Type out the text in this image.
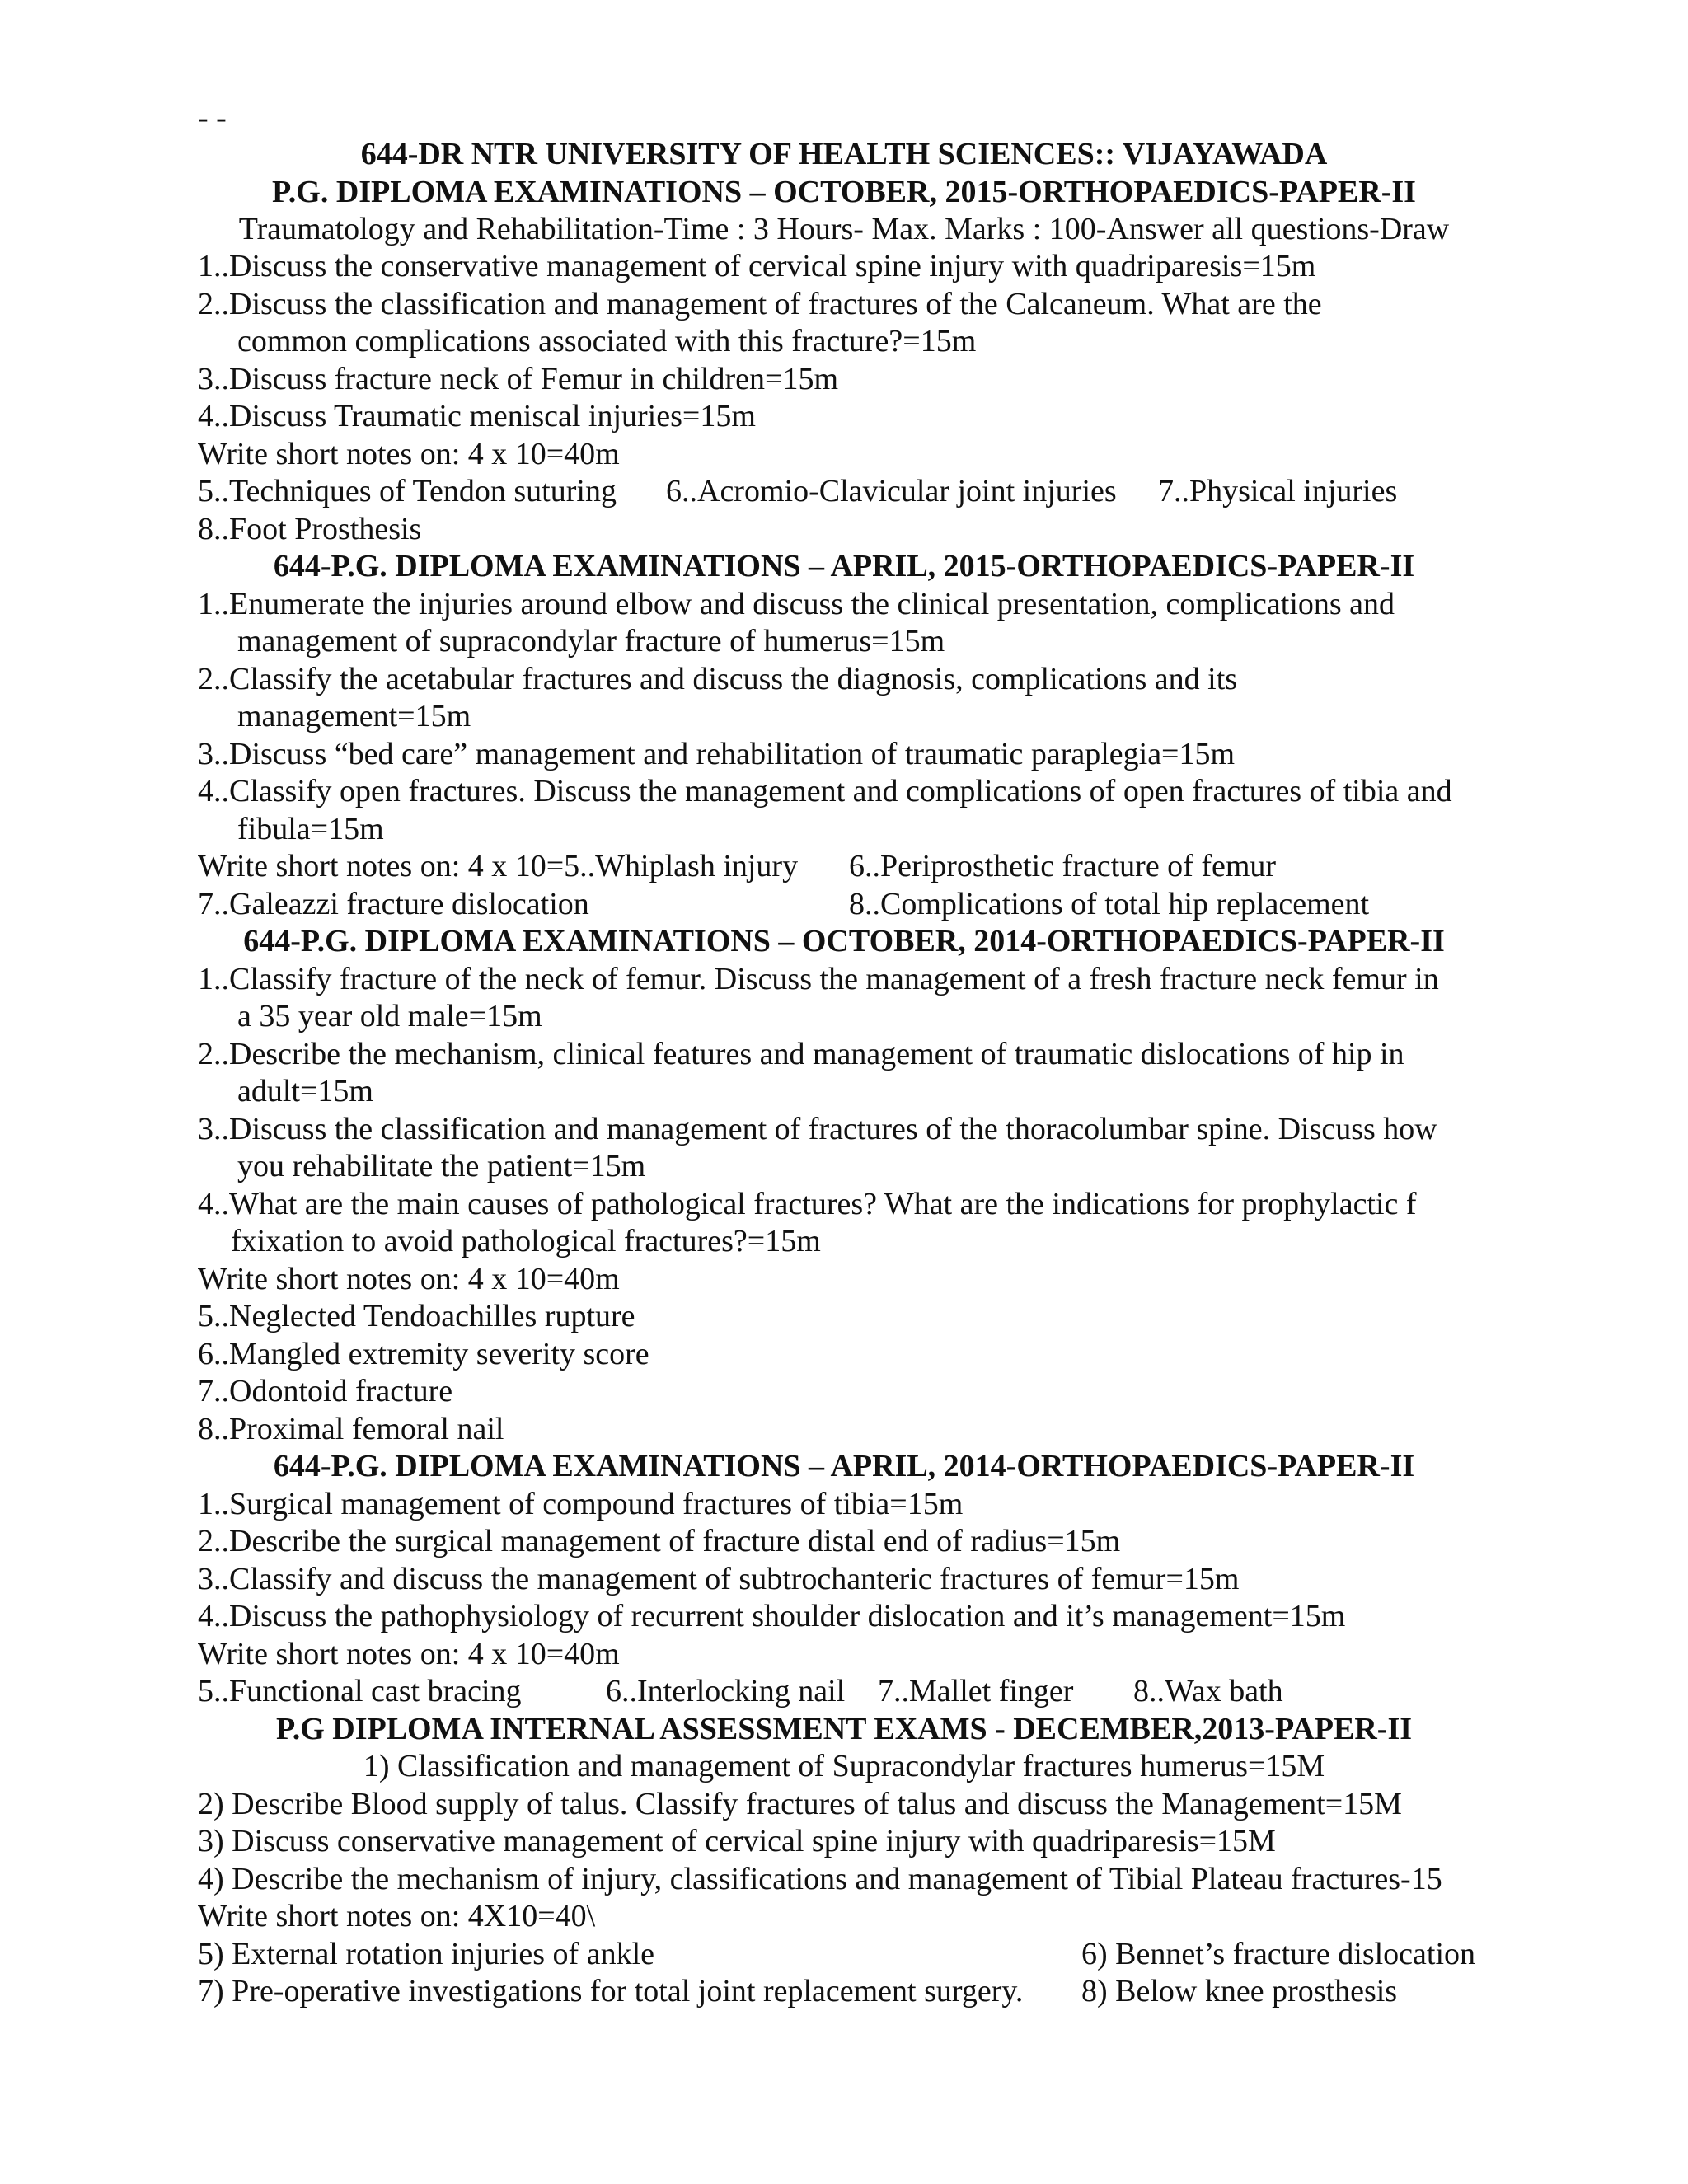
- -
644-DR NTR UNIVERSITY OF HEALTH SCIENCES:: VIJAYAWADA
P.G. DIPLOMA EXAMINATIONS – OCTOBER, 2015-ORTHOPAEDICS-PAPER-II
Traumatology and Rehabilitation-Time : 3 Hours- Max. Marks : 100-Answer all questions-Draw
1..Discuss the conservative management of cervical spine injury with quadriparesis=15m
2..Discuss the classification and management of fractures of the Calcaneum. What are the
common complications associated with this fracture?=15m
3..Discuss fracture neck of Femur in children=15m
4..Discuss Traumatic meniscal injuries=15m
Write short notes on: 4 x 10=40m
5..Techniques of Tendon suturing 6..Acromio-Clavicular joint injuries 7..Physical injuries
8..Foot Prosthesis
644-P.G. DIPLOMA EXAMINATIONS – APRIL, 2015-ORTHOPAEDICS-PAPER-II
1..Enumerate the injuries around elbow and discuss the clinical presentation, complications and
management of supracondylar fracture of humerus=15m
2..Classify the acetabular fractures and discuss the diagnosis, complications and its
management=15m
3..Discuss “bed care” management and rehabilitation of traumatic paraplegia=15m
4..Classify open fractures. Discuss the management and complications of open fractures of tibia and
fibula=15m
Write short notes on: 4 x 10=5..Whiplash injury 6..Periprosthetic fracture of femur
7..Galeazzi fracture dislocation	8..Complications of total hip replacement
644-P.G. DIPLOMA EXAMINATIONS – OCTOBER, 2014-ORTHOPAEDICS-PAPER-II
1..Classify fracture of the neck of femur. Discuss the management of a fresh fracture neck femur in
a 35 year old male=15m
2..Describe the mechanism, clinical features and management of traumatic dislocations of hip in
adult=15m
3..Discuss the classification and management of fractures of the thoracolumbar spine. Discuss how
you rehabilitate the patient=15m
4..What are the main causes of pathological fractures? What are the indications for prophylactic f
fxixation to avoid pathological fractures?=15m
Write short notes on: 4 x 10=40m
5..Neglected Tendoachilles rupture
6..Mangled extremity severity score
7..Odontoid fracture
8..Proximal femoral nail
644-P.G. DIPLOMA EXAMINATIONS – APRIL, 2014-ORTHOPAEDICS-PAPER-II
1..Surgical management of compound fractures of tibia=15m
2..Describe the surgical management of fracture distal end of radius=15m
3..Classify and discuss the management of subtrochanteric fractures of femur=15m
4..Discuss the pathophysiology of recurrent shoulder dislocation and it’s management=15m
Write short notes on: 4 x 10=40m
5..Functional cast bracing	6..Interlocking nail 7..Mallet finger 8..Wax bath
P.G DIPLOMA INTERNAL ASSESSMENT EXAMS - DECEMBER,2013-PAPER-II
1) Classification and management of Supracondylar fractures humerus=15M
2) Describe Blood supply of talus. Classify fractures of talus and discuss the Management=15M
3) Discuss conservative management of cervical spine injury with quadriparesis=15M
4) Describe the mechanism of injury, classifications and management of Tibial Plateau fractures-15
Write short notes on: 4X10=40\
5) External rotation injuries of ankle	6) Bennet’s fracture dislocation
7) Pre-operative investigations for total joint replacement surgery. 8) Below knee prosthesis
